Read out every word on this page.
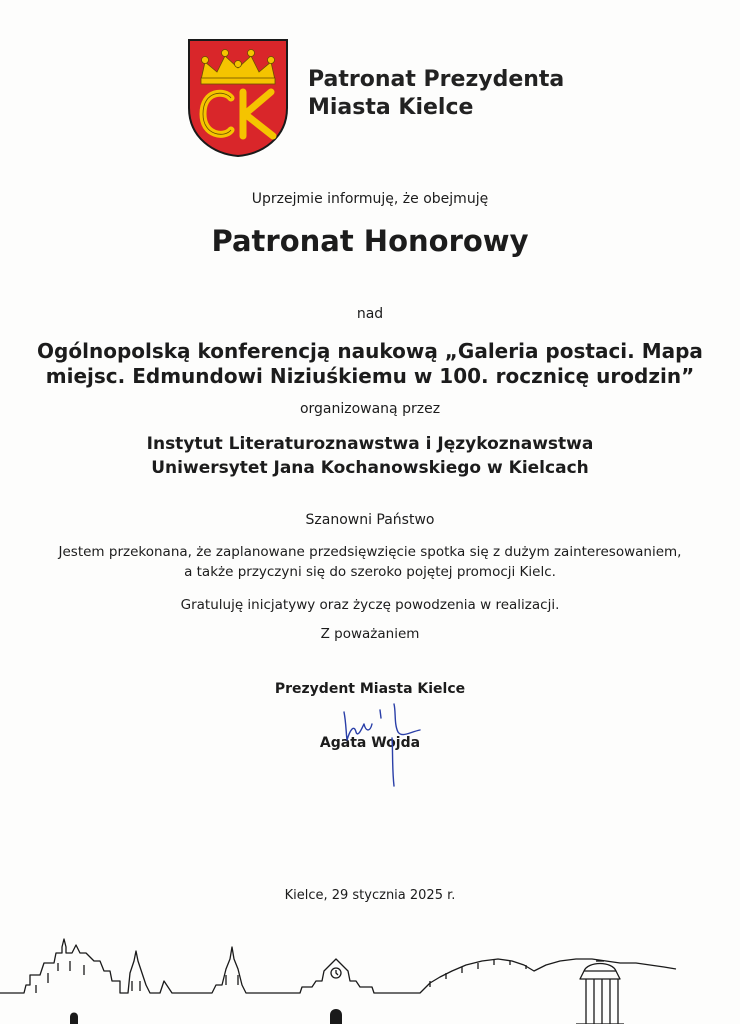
Patronat Prezydenta
Miasta Kielce
Uprzejmie informuję, że obejmuję
Patronat Honorowy
nad
Ogólnopolską konferencją naukową „Galeria postaci. Mapa
miejsc. Edmundowi Niziuśkiemu w 100. rocznicę urodzin”
organizowaną przez
Instytut Literaturoznawstwa i Językoznawstwa
Uniwersytet Jana Kochanowskiego w Kielcach
Szanowni Państwo
Jestem przekonana, że zaplanowane przedsięwzięcie spotka się z dużym zainteresowaniem,
a także przyczyni się do szeroko pojętej promocji Kielc.
Gratuluję inicjatywy oraz życzę powodzenia w realizacji.
Z poważaniem
Prezydent Miasta Kielce
Agata Wojda
Kielce, 29 stycznia 2025 r.
